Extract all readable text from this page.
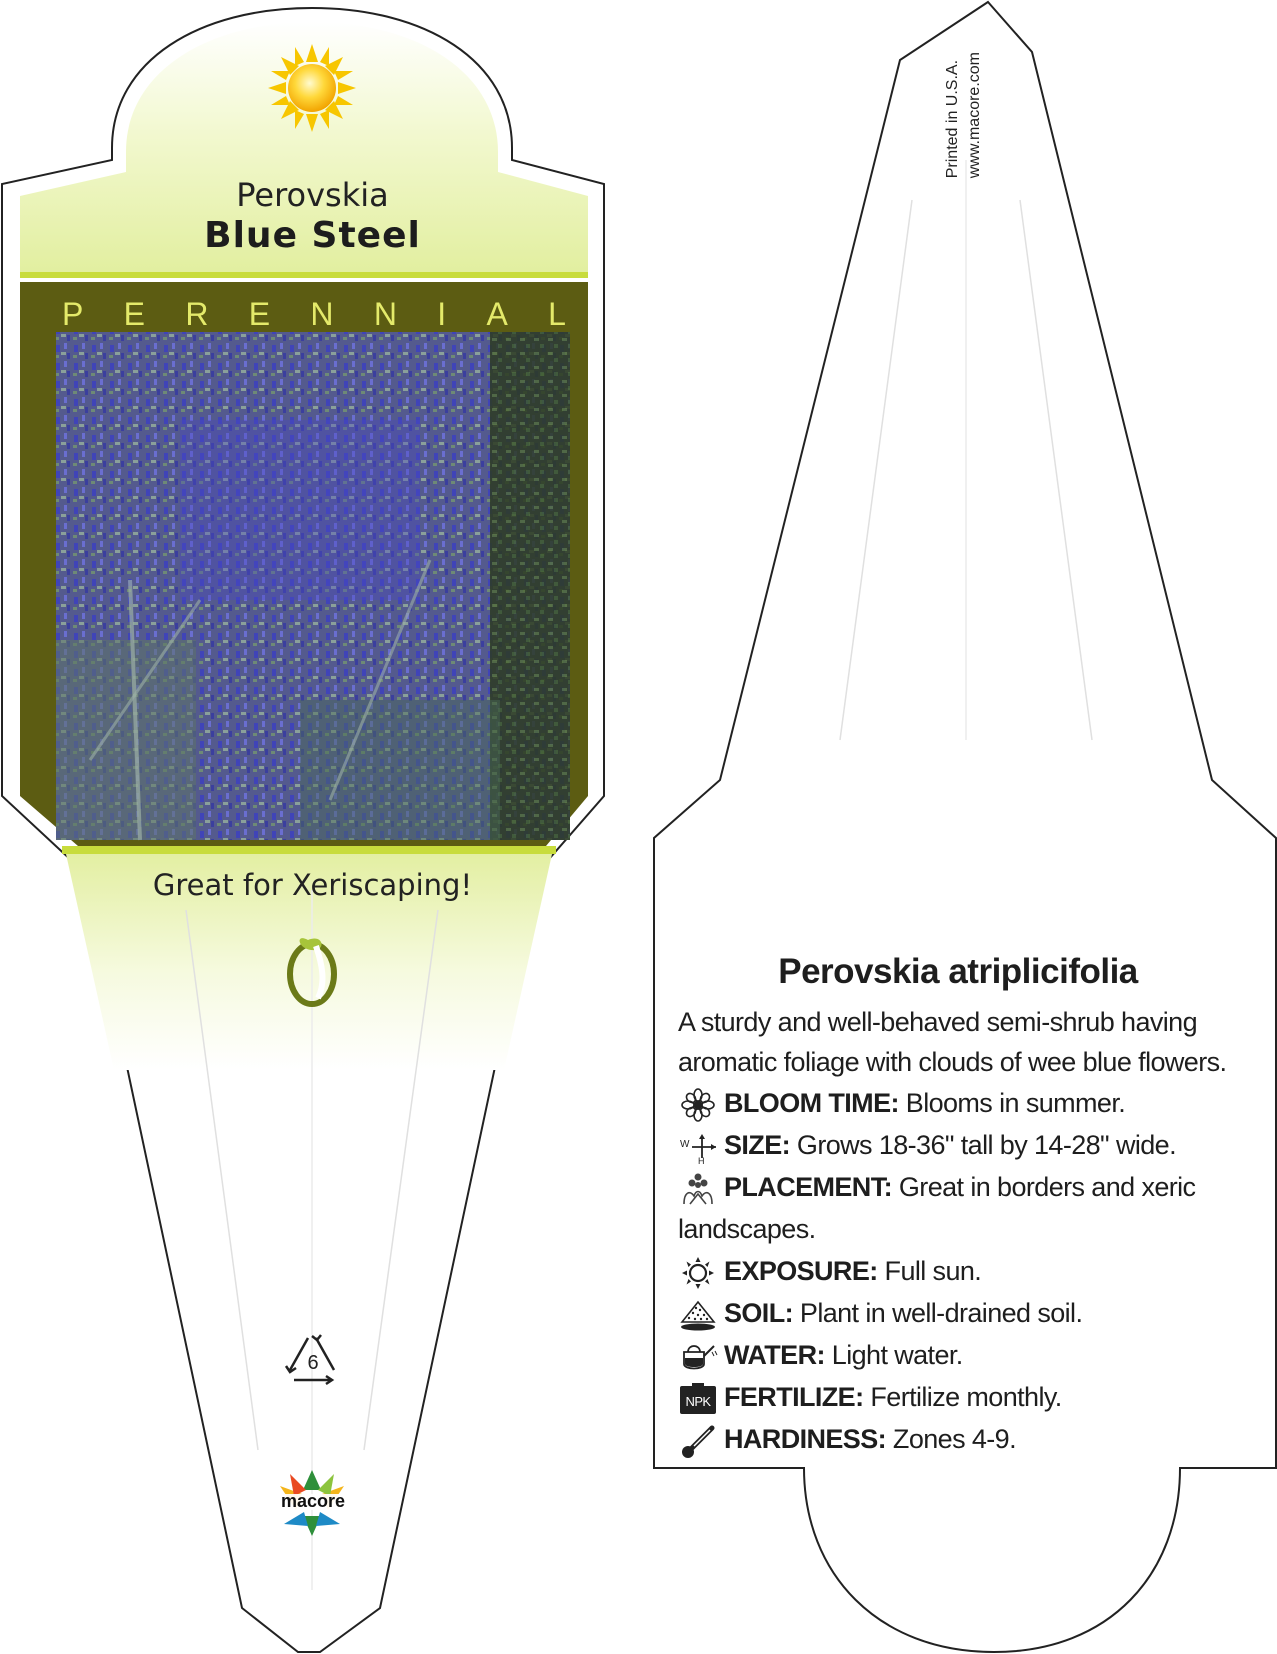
Perovskia
Blue Steel
P E R E N N I A L
Great for Xeriscaping!
6
macore
Printed in U.S.A. www.macore.com
Perovskia atriplicifolia
A sturdy and well-behaved semi-shrub having aromatic foliage with clouds of wee blue flowers.
BLOOM TIME: Blooms in summer.
W
H
SIZE: Grows 18-36" tall by 14-28" wide.
PLACEMENT: Great in borders and xeric
landscapes.
EXPOSURE: Full sun.
SOIL: Plant in well-drained soil.
WATER: Light water.
NPK FERTILIZE: Fertilize monthly.
HARDINESS: Zones 4-9.
